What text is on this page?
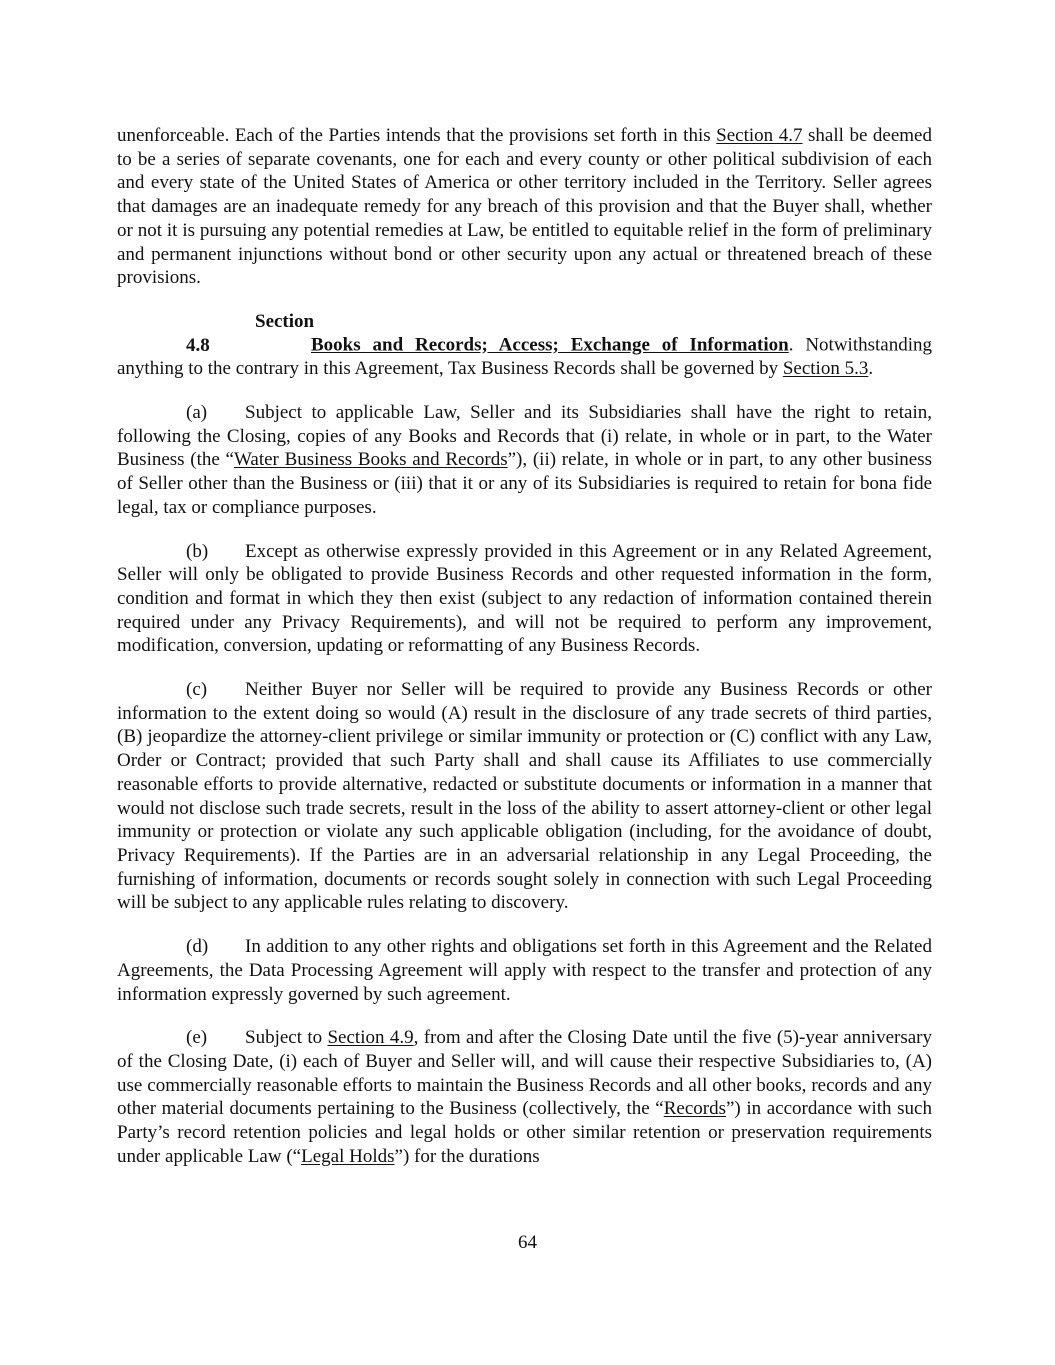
unenforceable. Each of the Parties intends that the provisions set forth in this Section 4.7 shall be deemed to be a series of separate covenants, one for each and every county or other political subdivision of each and every state of the United States of America or other territory included in the Territory. Seller agrees that damages are an inadequate remedy for any breach of this provision and that the Buyer shall, whether or not it is pursuing any potential remedies at Law, be entitled to equitable relief in the form of preliminary and permanent injunctions without bond or other security upon any actual or threatened breach of these provisions.

Section 4.8	Books and Records; Access; Exchange of Information. Notwithstanding anything to the contrary in this Agreement, Tax Business Records shall be governed by Section 5.3.

(a) Subject to applicable Law, Seller and its Subsidiaries shall have the right to retain, following the Closing, copies of any Books and Records that (i) relate, in whole or in part, to the Water Business (the “Water Business Books and Records”), (ii) relate, in whole or in part, to any other business of Seller other than the Business or (iii) that it or any of its Subsidiaries is required to retain for bona fide legal, tax or compliance purposes.

(b) Except as otherwise expressly provided in this Agreement or in any Related Agreement, Seller will only be obligated to provide Business Records and other requested information in the form, condition and format in which they then exist (subject to any redaction of information contained therein required under any Privacy Requirements), and will not be required to perform any improvement, modification, conversion, updating or reformatting of any Business Records.

(c) Neither Buyer nor Seller will be required to provide any Business Records or other information to the extent doing so would (A) result in the disclosure of any trade secrets of third parties, (B) jeopardize the attorney-client privilege or similar immunity or protection or (C) conflict with any Law, Order or Contract; provided that such Party shall and shall cause its Affiliates to use commercially reasonable efforts to provide alternative, redacted or substitute documents or information in a manner that would not disclose such trade secrets, result in the loss of the ability to assert attorney-client or other legal immunity or protection or violate any such applicable obligation (including, for the avoidance of doubt, Privacy Requirements). If the Parties are in an adversarial relationship in any Legal Proceeding, the furnishing of information, documents or records sought solely in connection with such Legal Proceeding will be subject to any applicable rules relating to discovery.

(d) In addition to any other rights and obligations set forth in this Agreement and the Related Agreements, the Data Processing Agreement will apply with respect to the transfer and protection of any information expressly governed by such agreement.

(e) Subject to Section 4.9, from and after the Closing Date until the five (5)-year anniversary of the Closing Date, (i) each of Buyer and Seller will, and will cause their respective Subsidiaries to, (A) use commercially reasonable efforts to maintain the Business Records and all other books, records and any other material documents pertaining to the Business (collectively, the “Records”) in accordance with such Party’s record retention policies and legal holds or other similar retention or preservation requirements under applicable Law (“Legal Holds”) for the durations

64
